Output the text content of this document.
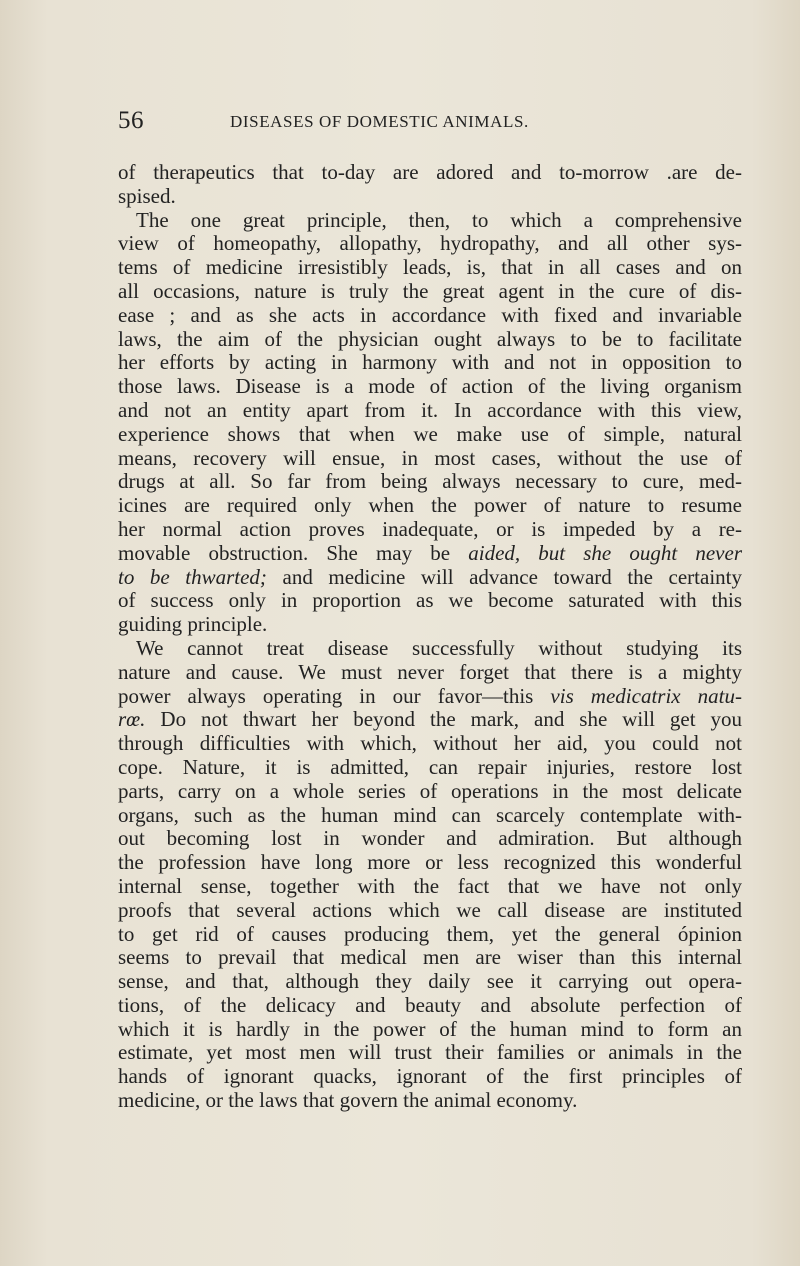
56	DISEASES OF DOMESTIC ANIMALS.
of therapeutics that to-day are adored and to-morrow .are de-
spised.
The one great principle, then, to which a comprehensive
view of homeopathy, allopathy, hydropathy, and all other sys-
tems of medicine irresistibly leads, is, that in all cases and on
all occasions, nature is truly the great agent in the cure of dis-
ease ; and as she acts in accordance with fixed and invariable
laws, the aim of the physician ought always to be to facilitate
her efforts by acting in harmony with and not in opposition to
those laws. Disease is a mode of action of the living organism
and not an entity apart from it. In accordance with this view,
experience shows that when we make use of simple, natural
means, recovery will ensue, in most cases, without the use of
drugs at all. So far from being always necessary to cure, med-
icines are required only when the power of nature to resume
her normal action proves inadequate, or is impeded by a re-
movable obstruction. She may be aided, but she ought never
to be thwarted; and medicine will advance toward the certainty
of success only in proportion as we become saturated with this
guiding principle.
We cannot treat disease successfully without studying its
nature and cause. We must never forget that there is a mighty
power always operating in our favor—this vis medicatrix natu-
rœ. Do not thwart her beyond the mark, and she will get you
through difficulties with which, without her aid, you could not
cope. Nature, it is admitted, can repair injuries, restore lost
parts, carry on a whole series of operations in the most delicate
organs, such as the human mind can scarcely contemplate with-
out becoming lost in wonder and admiration. But although
the profession have long more or less recognized this wonderful
internal sense, together with the fact that we have not only
proofs that several actions which we call disease are instituted
to get rid of causes producing them, yet the general ópinion
seems to prevail that medical men are wiser than this internal
sense, and that, although they daily see it carrying out opera-
tions, of the delicacy and beauty and absolute perfection of
which it is hardly in the power of the human mind to form an
estimate, yet most men will trust their families or animals in the
hands of ignorant quacks, ignorant of the first principles of
medicine, or the laws that govern the animal economy.
